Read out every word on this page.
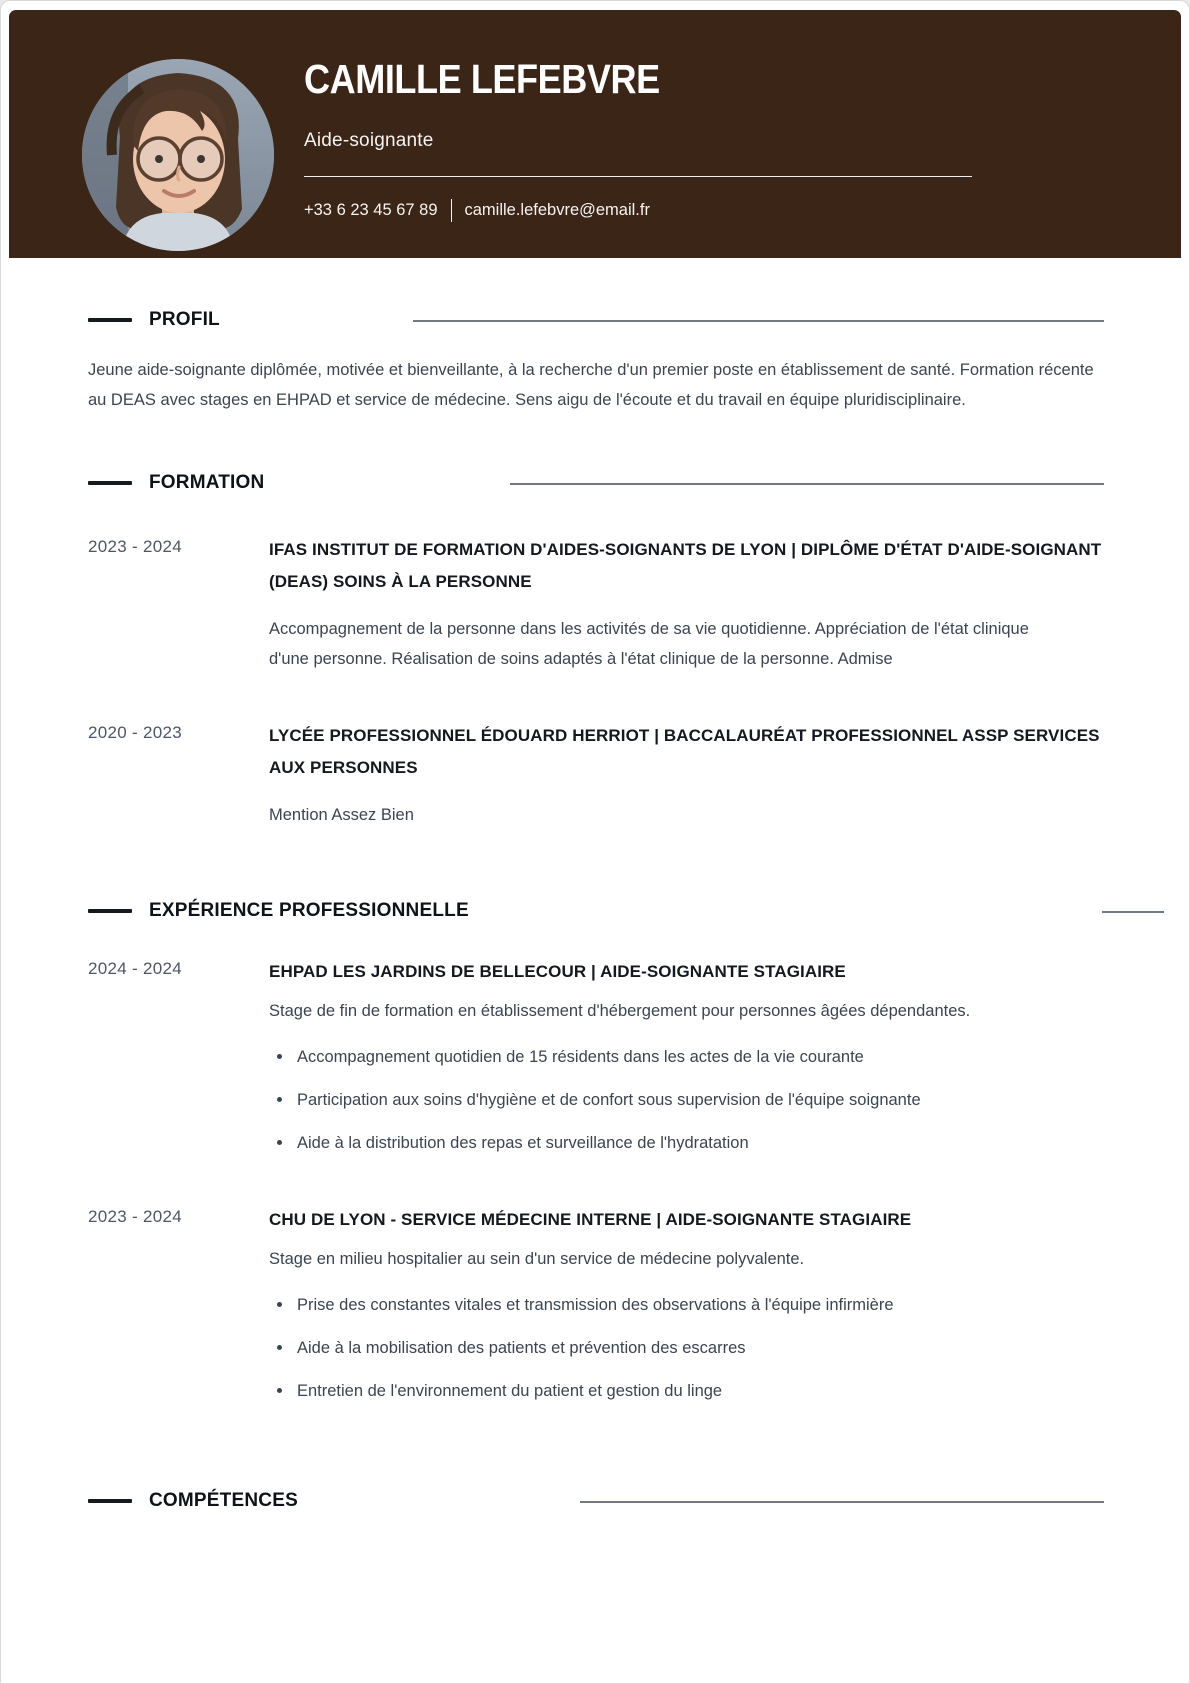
CAMILLE LEFEBVRE
Aide-soignante
+33 6 23 45 67 89 camille.lefebvre@email.fr
PROFIL

Jeune aide-soignante diplômée, motivée et bienveillante, à la recherche d'un premier poste en établissement de santé. Formation récente au DEAS avec stages en EHPAD et service de médecine. Sens aigu de l'écoute et du travail en équipe pluridisciplinaire.

FORMATION
2023 - 2024	IFAS INSTITUT DE FORMATION D'AIDES-SOIGNANTS DE LYON | DIPLÔME D'ÉTAT D'AIDE-SOIGNANT (DEAS) SOINS À LA PERSONNE
Accompagnement de la personne dans les activités de sa vie quotidienne. Appréciation de l'état clinique d'une personne. Réalisation de soins adaptés à l'état clinique de la personne. Admise
2020 - 2023	LYCÉE PROFESSIONNEL ÉDOUARD HERRIOT | BACCALAURÉAT PROFESSIONNEL ASSP SERVICES AUX PERSONNES
Mention Assez Bien
EXPÉRIENCE PROFESSIONNELLE
2024 - 2024	EHPAD LES JARDINS DE BELLECOUR | AIDE-SOIGNANTE STAGIAIRE
Stage de fin de formation en établissement d'hébergement pour personnes âgées dépendantes.
Accompagnement quotidien de 15 résidents dans les actes de la vie courante
Participation aux soins d'hygiène et de confort sous supervision de l'équipe soignante
Aide à la distribution des repas et surveillance de l'hydratation
2023 - 2024	CHU DE LYON - SERVICE MÉDECINE INTERNE | AIDE-SOIGNANTE STAGIAIRE
Stage en milieu hospitalier au sein d'un service de médecine polyvalente.
Prise des constantes vitales et transmission des observations à l'équipe infirmière
Aide à la mobilisation des patients et prévention des escarres
Entretien de l'environnement du patient et gestion du linge
COMPÉTENCES
